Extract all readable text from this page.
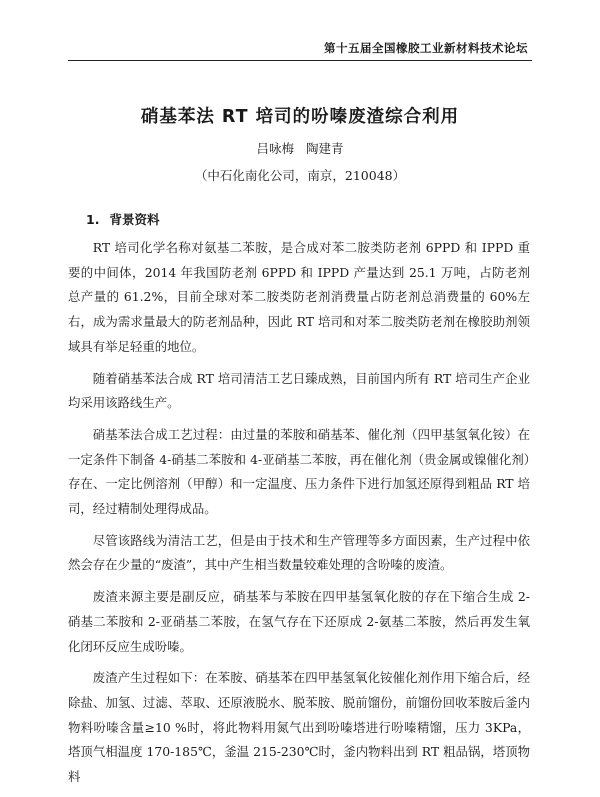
第十五届全国橡胶工业新材料技术论坛
硝基苯法 RT 培司的吩嗪废渣综合利用
吕咏梅 陶建青
（中石化南化公司，南京，210048）
1. 背景资料

RT 培司化学名称对氨基二苯胺，是合成对苯二胺类防老剂 6PPD 和 IPPD 重要的中间体，2014 年我国防老剂 6PPD 和 IPPD 产量达到 25.1 万吨，占防老剂总产量的 61.2%，目前全球对苯二胺类防老剂消费量占防老剂总消费量的 60%左右，成为需求量最大的防老剂品种，因此 RT 培司和对苯二胺类防老剂在橡胶助剂领域具有举足轻重的地位。

随着硝基苯法合成 RT 培司清洁工艺日臻成熟，目前国内所有 RT 培司生产企业均采用该路线生产。

硝基苯法合成工艺过程：由过量的苯胺和硝基苯、催化剂（四甲基氢氧化铵）在一定条件下制备 4-硝基二苯胺和 4-亚硝基二苯胺，再在催化剂（贵金属或镍催化剂）存在、一定比例溶剂（甲醇）和一定温度、压力条件下进行加氢还原得到粗品 RT 培司，经过精制处理得成品。

尽管该路线为清洁工艺，但是由于技术和生产管理等多方面因素，生产过程中依然会存在少量的“废渣”，其中产生相当数量较难处理的含吩嗪的废渣。

废渣来源主要是副反应，硝基苯与苯胺在四甲基氢氧化胺的存在下缩合生成 2-硝基二苯胺和 2-亚硝基二苯胺，在氢气存在下还原成 2-氨基二苯胺，然后再发生氧化闭环反应生成吩嗪。

废渣产生过程如下：在苯胺、硝基苯在四甲基氢氧化铵催化剂作用下缩合后，经除盐、加氢、过滤、萃取、还原液脱水、脱苯胺、脱前馏份，前馏份回收苯胺后釜内物料吩嗪含量≥10 %时，将此物料用氮气出到吩嗪塔进行吩嗪精馏，压力 3KPa，塔顶气相温度 170-185℃，釜温 215-230℃时，釜内物料出到 RT 粗品锅，塔顶物料
